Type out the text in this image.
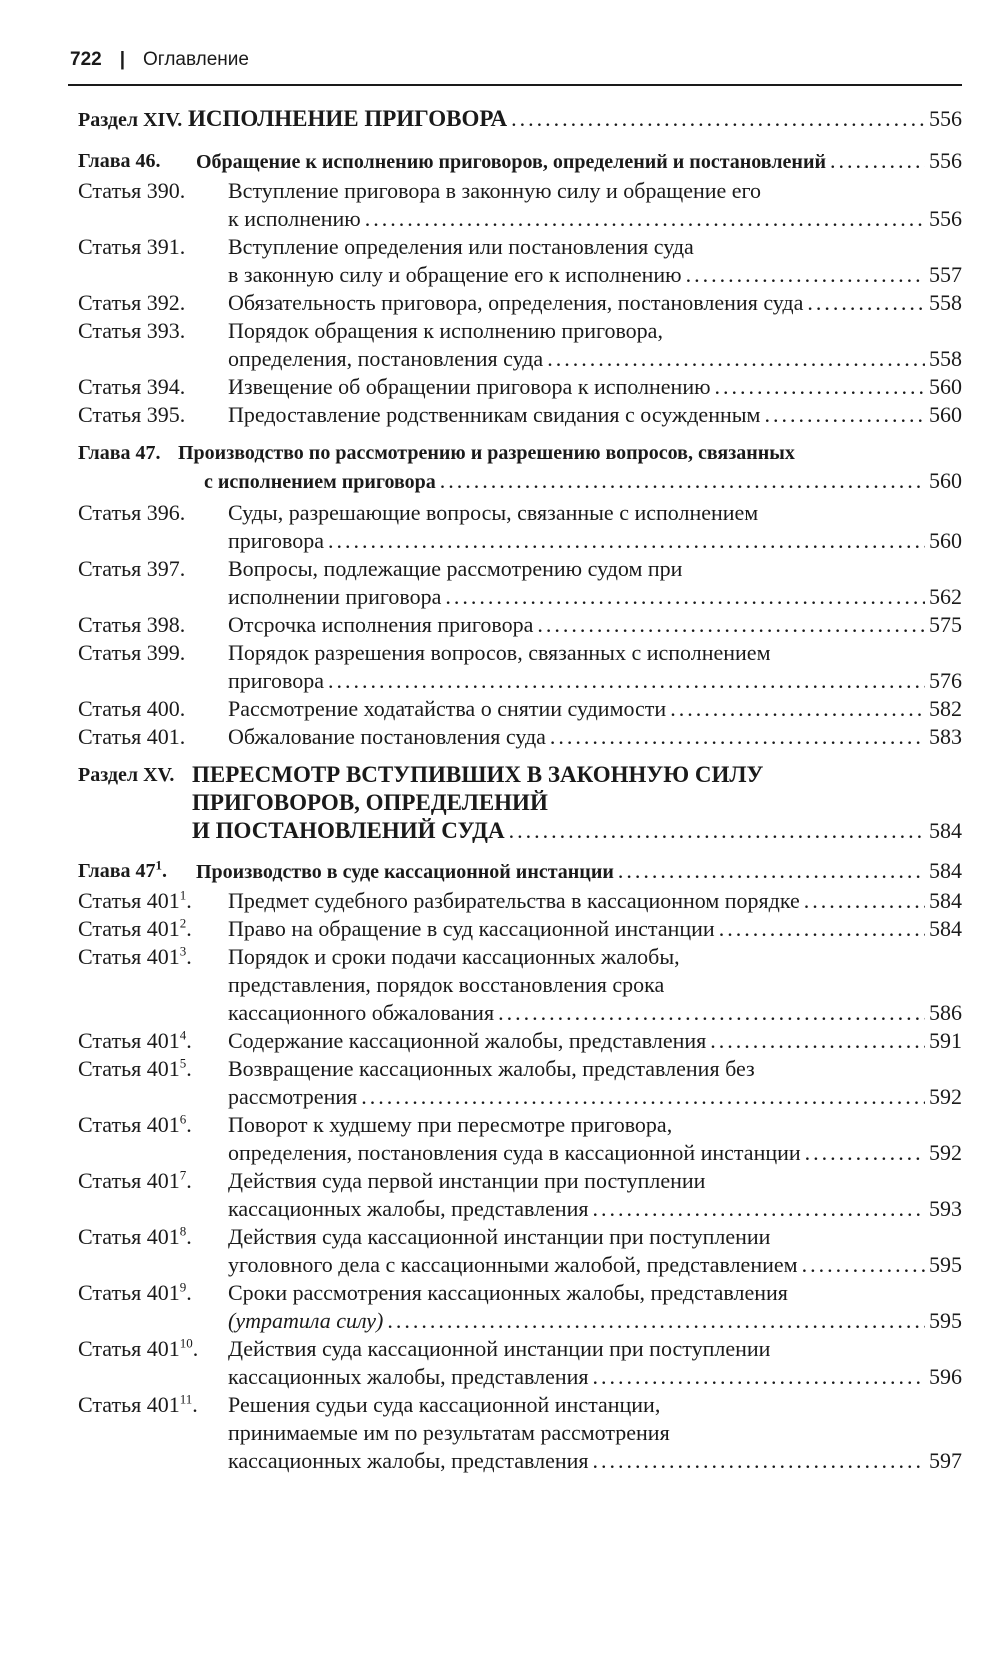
722 | Оглавление
Раздел XIV. ИСПОЛНЕНИЕ ПРИГОВОРА .....	556
Глава 46. Обращение к исполнению приговоров, определений и постановлений .....	556
Статья 390. Вступление приговора в законную силу и обращение его
к исполнению .....	556
Статья 391. Вступление определения или постановления суда
в законную силу и обращение его к исполнению .....	557
Статья 392. Обязательность приговора, определения, постановления суда .....	558
Статья 393. Порядок обращения к исполнению приговора,
определения, постановления суда .....	558
Статья 394. Извещение об обращении приговора к исполнению .....	560
Статья 395. Предоставление родственникам свидания с осужденным .....	560
Глава 47. Производство по рассмотрению и разрешению вопросов, связанных
с исполнением приговора .....	560
Статья 396. Суды, разрешающие вопросы, связанные с исполнением
приговора .....	560
Статья 397. Вопросы, подлежащие рассмотрению судом при
исполнении приговора .....	562
Статья 398. Отсрочка исполнения приговора .....	575
Статья 399. Порядок разрешения вопросов, связанных с исполнением
приговора .....	576
Статья 400. Рассмотрение ходатайства о снятии судимости .....	582
Статья 401. Обжалование постановления суда .....	583
Раздел XV. ПЕРЕСМОТР ВСТУПИВШИХ В ЗАКОННУЮ СИЛУ
ПРИГОВОРОВ, ОПРЕДЕЛЕНИЙ
И ПОСТАНОВЛЕНИЙ СУДА .....	584
Глава $47^1$. Производство в суде кассационной инстанции .....	584
Статья $401^1$. Предмет судебного разбирательства в кассационном порядке .....	584
Статья $401^2$. Право на обращение в суд кассационной инстанции .....	584
Статья $401^3$. Порядок и сроки подачи кассационных жалобы,
представления, порядок восстановления срока
кассационного обжалования .....	586
Статья $401^4$. Содержание кассационной жалобы, представления .....	591
Статья $401^5$. Возвращение кассационных жалобы, представления без
рассмотрения .....	592
Статья $401^6$. Поворот к худшему при пересмотре приговора,
определения, постановления суда в кассационной инстанции .....	592
Статья $401^7$. Действия суда первой инстанции при поступлении
кассационных жалобы, представления .....	593
Статья $401^8$. Действия суда кассационной инстанции при поступлении
уголовного дела с кассационными жалобой, представлением .....	595
Статья $401^9$. Сроки рассмотрения кассационных жалобы, представления
(утратила силу) .....	595
Статья $401^{10}$. Действия суда кассационной инстанции при поступлении
кассационных жалобы, представления .....	596
Статья $401^{11}$. Решения судьи суда кассационной инстанции,
принимаемые им по результатам рассмотрения
кассационных жалобы, представления .....	597
